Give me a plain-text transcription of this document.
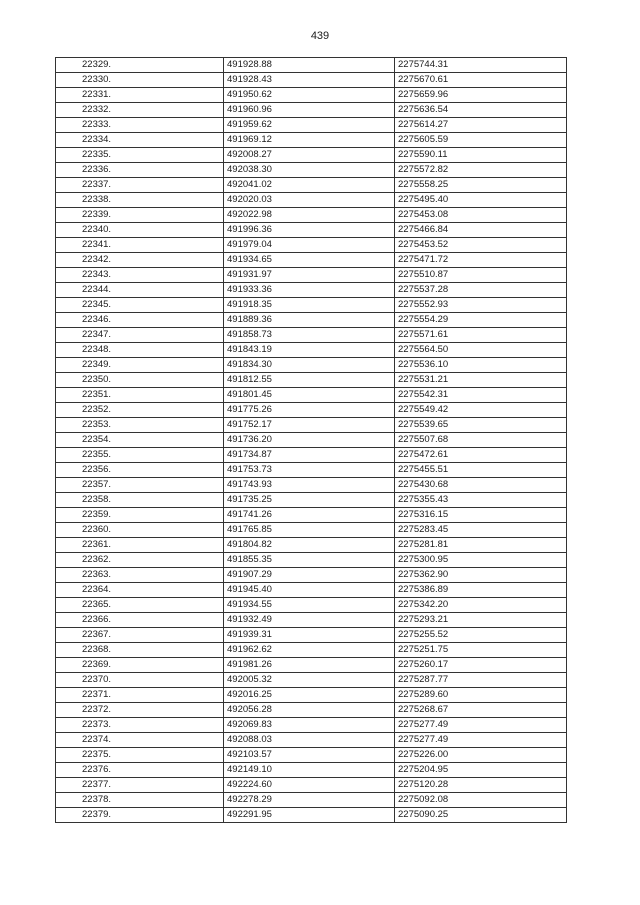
439
22329.	491928.88	2275744.31
22330.	491928.43	2275670.61
22331.	491950.62	2275659.96
22332.	491960.96	2275636.54
22333.	491959.62	2275614.27
22334.	491969.12	2275605.59
22335.	492008.27	2275590.11
22336.	492038.30	2275572.82
22337.	492041.02	2275558.25
22338.	492020.03	2275495.40
22339.	492022.98	2275453.08
22340.	491996.36	2275466.84
22341.	491979.04	2275453.52
22342.	491934.65	2275471.72
22343.	491931.97	2275510.87
22344.	491933.36	2275537.28
22345.	491918.35	2275552.93
22346.	491889.36	2275554.29
22347.	491858.73	2275571.61
22348.	491843.19	2275564.50
22349.	491834.30	2275536.10
22350.	491812.55	2275531.21
22351.	491801.45	2275542.31
22352.	491775.26	2275549.42
22353.	491752.17	2275539.65
22354.	491736.20	2275507.68
22355.	491734.87	2275472.61
22356.	491753.73	2275455.51
22357.	491743.93	2275430.68
22358.	491735.25	2275355.43
22359.	491741.26	2275316.15
22360.	491765.85	2275283.45
22361.	491804.82	2275281.81
22362.	491855.35	2275300.95
22363.	491907.29	2275362.90
22364.	491945.40	2275386.89
22365.	491934.55	2275342.20
22366.	491932.49	2275293.21
22367.	491939.31	2275255.52
22368.	491962.62	2275251.75
22369.	491981.26	2275260.17
22370.	492005.32	2275287.77
22371.	492016.25	2275289.60
22372.	492056.28	2275268.67
22373.	492069.83	2275277.49
22374.	492088.03	2275277.49
22375.	492103.57	2275226.00
22376.	492149.10	2275204.95
22377.	492224.60	2275120.28
22378.	492278.29	2275092.08
22379.	492291.95	2275090.25
